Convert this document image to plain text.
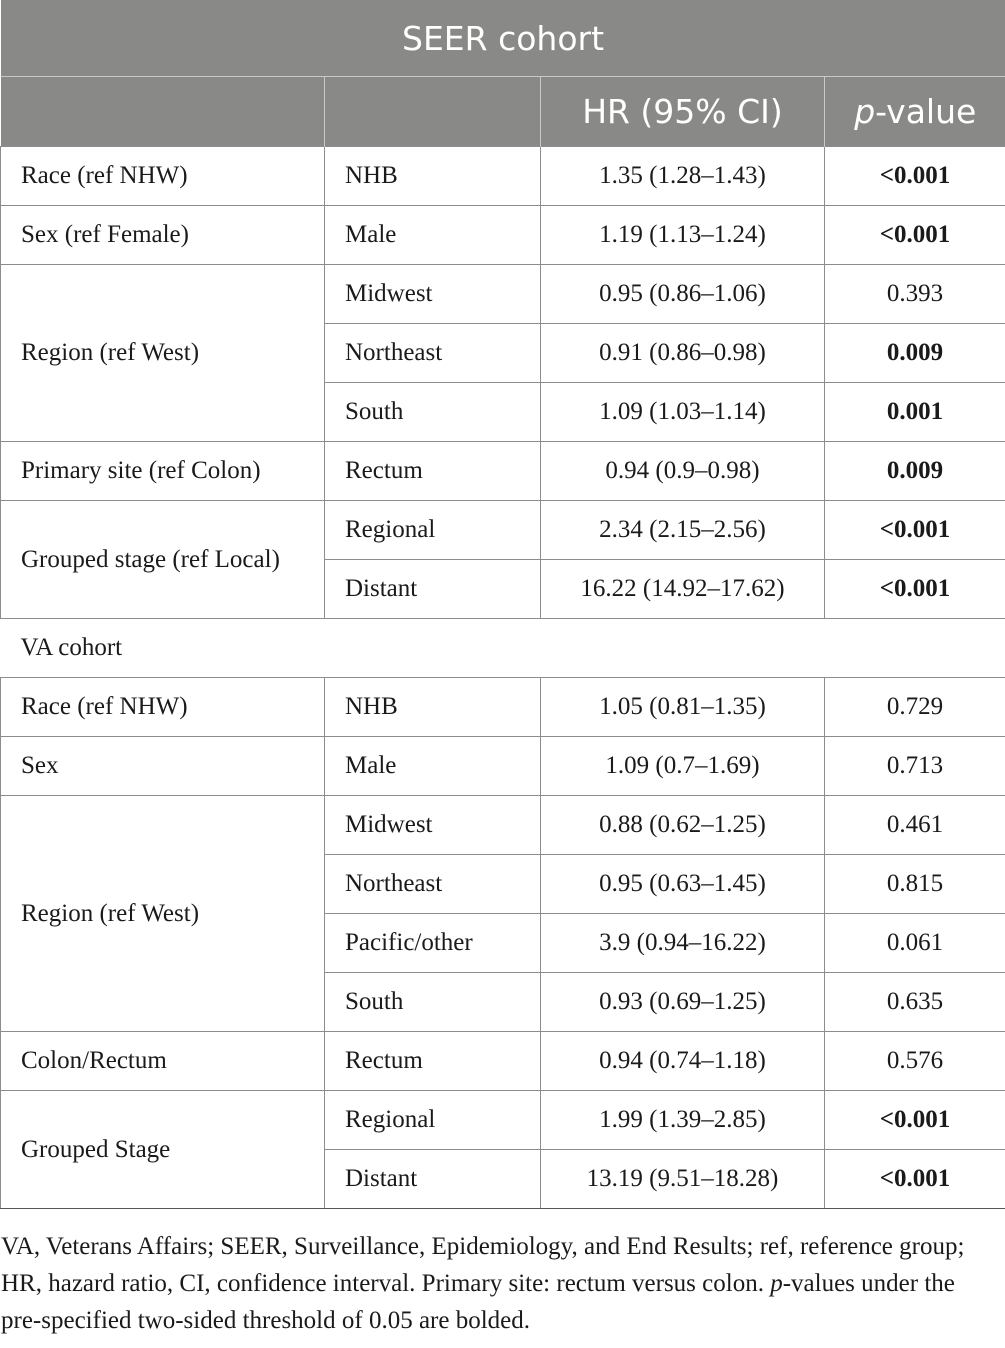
SEER cohort			
		HR (95% CI)	p-value
Race (ref NHW)	NHB	1.35 (1.28–1.43)	<0.001
Sex (ref Female)	Male	1.19 (1.13–1.24)	<0.001
Region (ref West)	Midwest	0.95 (0.86–1.06)	0.393
	Northeast	0.91 (0.86–0.98)	0.009
	South	1.09 (1.03–1.14)	0.001
Primary site (ref Colon)	Rectum	0.94 (0.9–0.98)	0.009
Grouped stage (ref Local)	Regional	2.34 (2.15–2.56)	<0.001
	Distant	16.22 (14.92–17.62)	<0.001
VA cohort			
Race (ref NHW)	NHB	1.05 (0.81–1.35)	0.729
Sex	Male	1.09 (0.7–1.69)	0.713
Region (ref West)	Midwest	0.88 (0.62–1.25)	0.461
	Northeast	0.95 (0.63–1.45)	0.815
	Pacific/other	3.9 (0.94–16.22)	0.061
	South	0.93 (0.69–1.25)	0.635
Colon/Rectum	Rectum	0.94 (0.74–1.18)	0.576
Grouped Stage	Regional	1.99 (1.39–2.85)	<0.001
	Distant	13.19 (9.51–18.28)	<0.001
VA, Veterans Affairs; SEER, Surveillance, Epidemiology, and End Results; ref, reference group; HR, hazard ratio, CI, confidence interval. Primary site: rectum versus colon. p-values under the pre-specified two-sided threshold of 0.05 are bolded.
